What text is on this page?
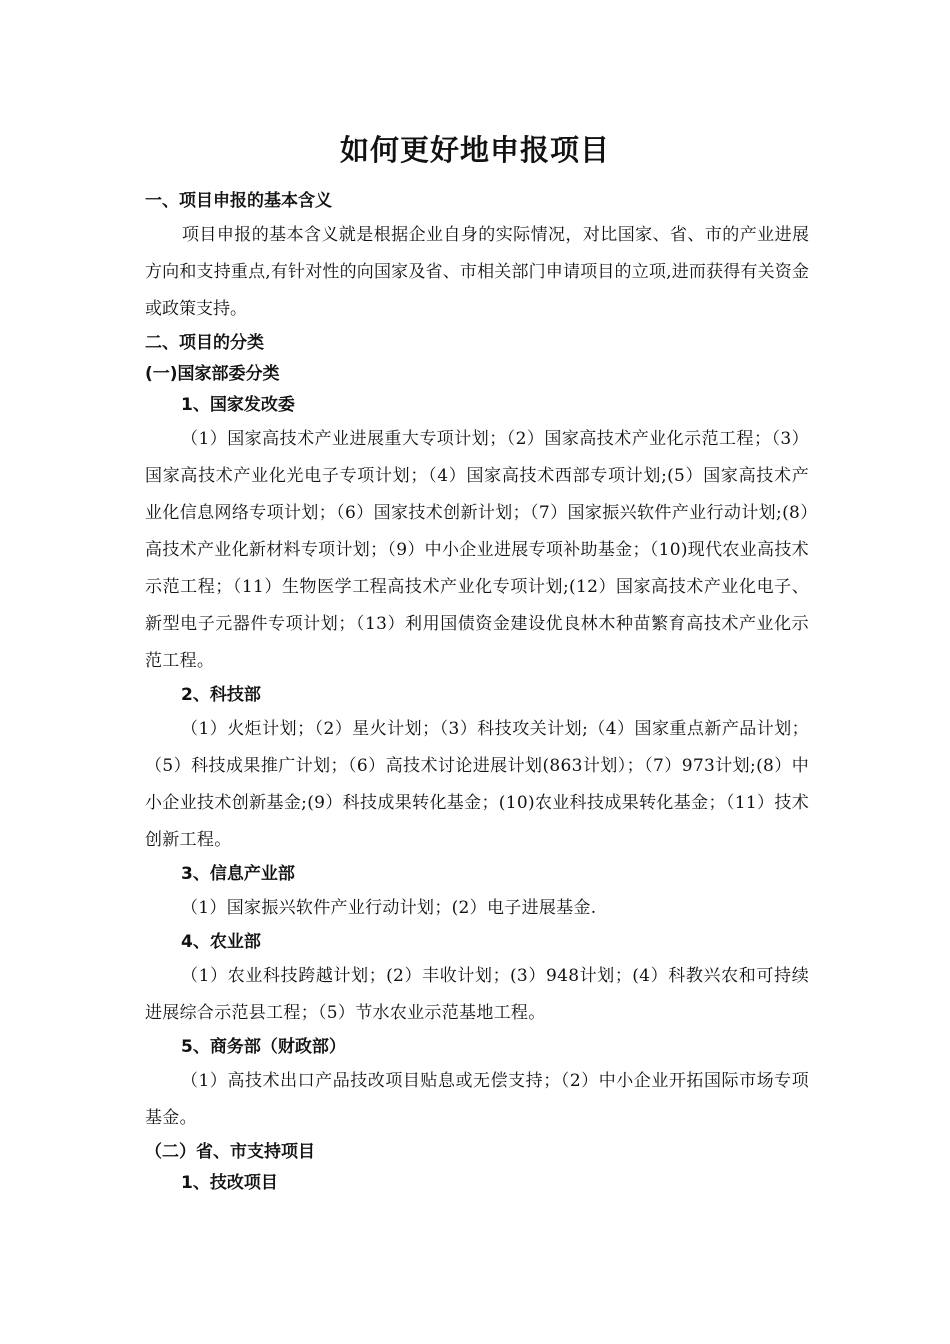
如何更好地申报项目
一、项目申报的基本含义

项目申报的基本含义就是根据企业自身的实际情况，对比国家、省、市的产业进展方向和支持重点,有针对性的向国家及省、市相关部门申请项目的立项,进而获得有关资金或政策支持。

二、项目的分类
(一)国家部委分类
1、国家发改委

（1）国家高技术产业进展重大专项计划；（2）国家高技术产业化示范工程；（3）国家高技术产业化光电子专项计划；（4）国家高技术西部专项计划;(5）国家高技术产业化信息网络专项计划；（6）国家技术创新计划；（7）国家振兴软件产业行动计划;(8）高技术产业化新材料专项计划；（9）中小企业进展专项补助基金；（10)现代农业高技术示范工程；（11）生物医学工程高技术产业化专项计划;(12）国家高技术产业化电子、新型电子元器件专项计划；（13）利用国债资金建设优良林木种苗繁育高技术产业化示范工程。

2、科技部

（1）火炬计划；（2）星火计划；（3）科技攻关计划;（4）国家重点新产品计划；（5）科技成果推广计划；（6）高技术讨论进展计划(863计划）；（7）973计划;(8）中小企业技术创新基金;(9）科技成果转化基金；(10)农业科技成果转化基金；（11）技术创新工程。

3、信息产业部

（1）国家振兴软件产业行动计划；(2）电子进展基金.

4、农业部

（1）农业科技跨越计划；(2）丰收计划；(3）948计划；(4）科教兴农和可持续进展综合示范县工程；（5）节水农业示范基地工程。

5、商务部（财政部）

（1）高技术出口产品技改项目贴息或无偿支持；（2）中小企业开拓国际市场专项基金。

（二）省、市支持项目
1、技改项目
